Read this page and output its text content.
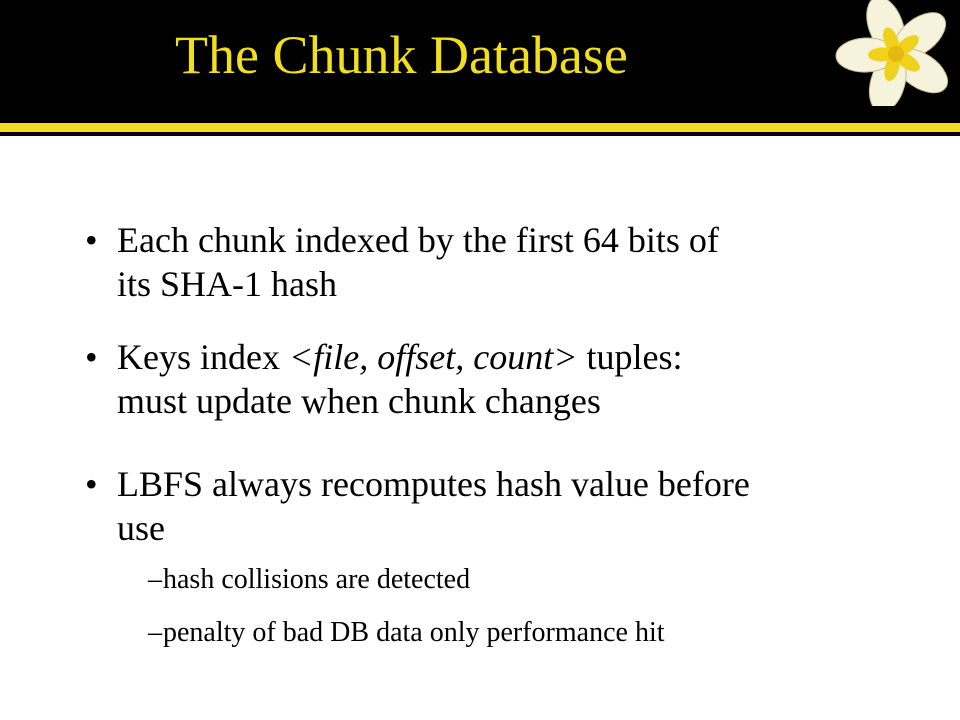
The Chunk Database
• Each chunk indexed by the first 64 bits of
its SHA-1 hash
• Keys index <file, offset, count> tuples:
must update when chunk changes
• LBFS always recomputes hash value before
use
– hash collisions are detected
– penalty of bad DB data only performance hit
